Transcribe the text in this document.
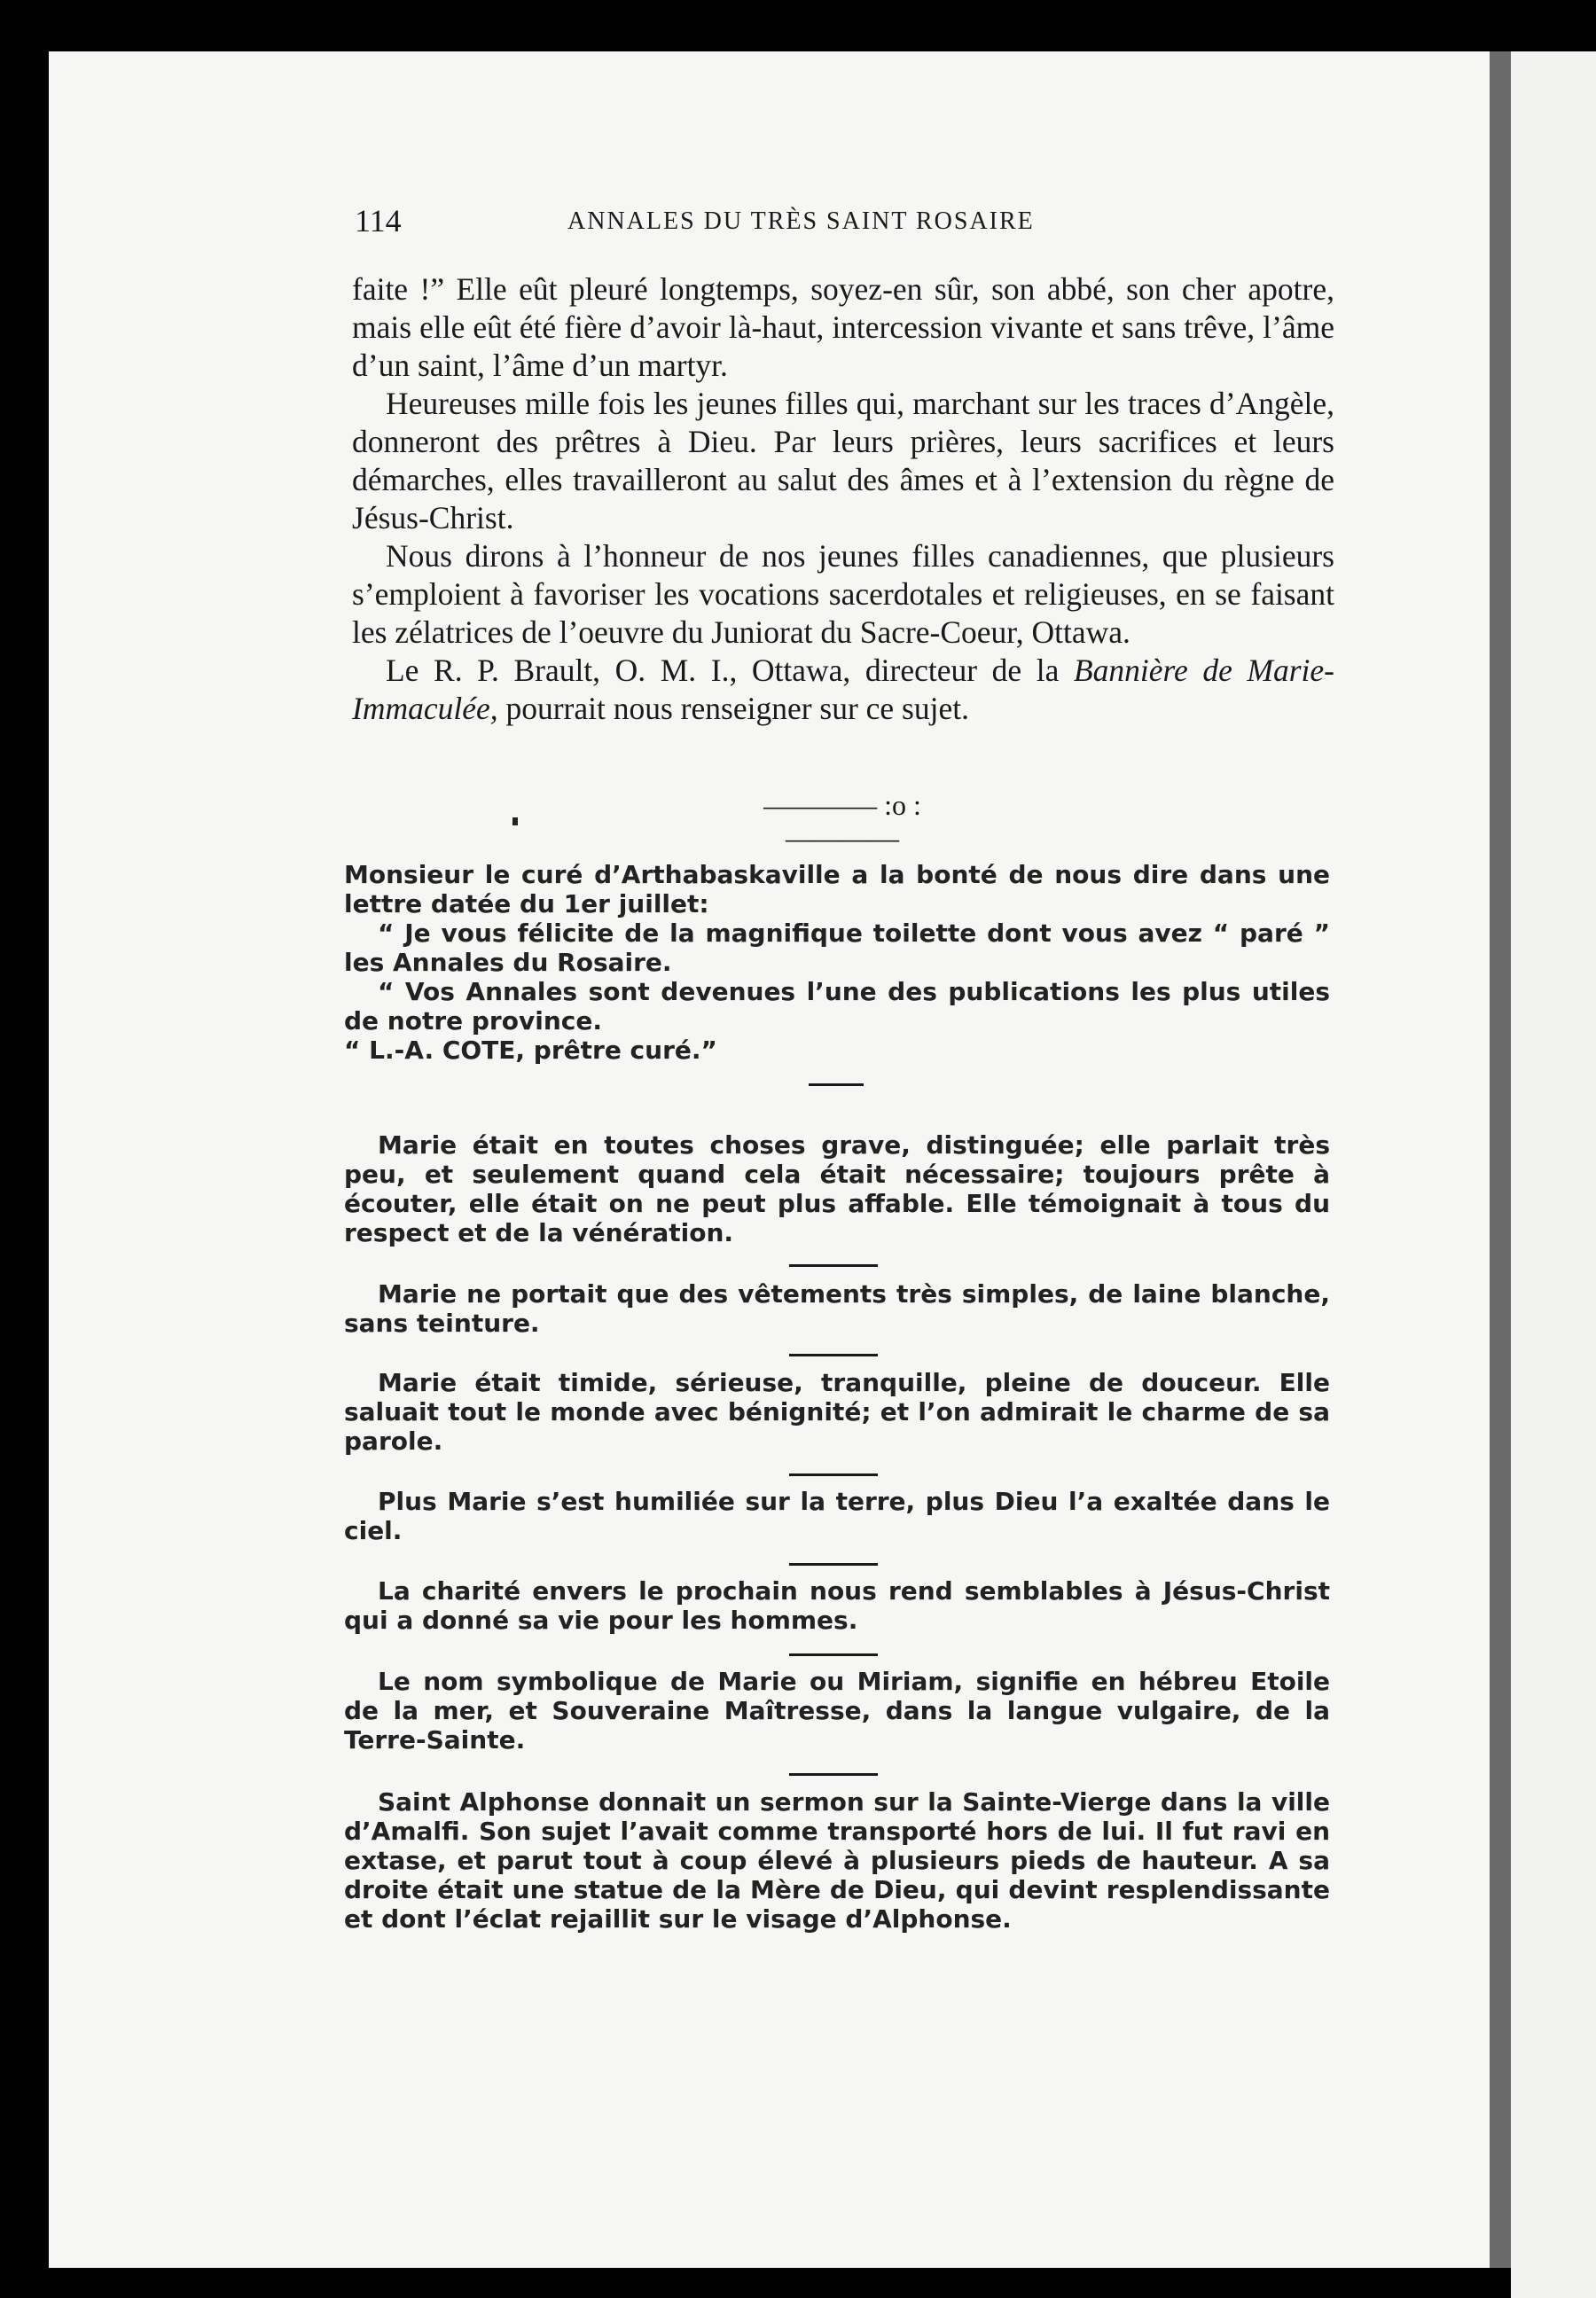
114	ANNALES DU TRÈS SAINT ROSAIRE

faite !” Elle eût pleuré longtemps, soyez-en sûr, son abbé, son cher apotre, mais elle eût été fière d’avoir là-haut, intercession vivante et sans trêve, l’âme d’un saint, l’âme d’un martyr.

Heureuses mille fois les jeunes filles qui, marchant sur les traces d’Angèle, donneront des prêtres à Dieu. Par leurs prières, leurs sacrifices et leurs démarches, elles travailleront au salut des âmes et à l’extension du règne de Jésus-Christ.

Nous dirons à l’honneur de nos jeunes filles canadiennes, que plusieurs s’emploient à favoriser les vocations sacerdotales et religieuses, en se faisant les zélatrices de l’oeuvre du Juniorat du Sacre-Coeur, Ottawa.

Le R. P. Brault, O. M. I., Ottawa, directeur de la Bannière de Marie-Immaculée, pourrait nous renseigner sur ce sujet.

———— :o :————

Monsieur le curé d’Arthabaskaville a la bonté de nous dire dans une lettre datée du 1er juillet:

“ Je vous félicite de la magnifique toilette dont vous avez “ paré ” les Annales du Rosaire.

“ Vos Annales sont devenues l’une des publications les plus utiles de notre province.

“ L.-A. COTE, prêtre curé.”

Marie était en toutes choses grave, distinguée; elle parlait très peu, et seulement quand cela était nécessaire; toujours prête à écouter, elle était on ne peut plus affable. Elle témoignait à tous du respect et de la vénération.

Marie ne portait que des vêtements très simples, de laine blanche, sans teinture.

Marie était timide, sérieuse, tranquille, pleine de douceur. Elle saluait tout le monde avec bénignité; et l’on admirait le charme de sa parole.

Plus Marie s’est humiliée sur la terre, plus Dieu l’a exaltée dans le ciel.

La charité envers le prochain nous rend semblables à Jésus-Christ qui a donné sa vie pour les hommes.

Le nom symbolique de Marie ou Miriam, signifie en hébreu Etoile de la mer, et Souveraine Maîtresse, dans la langue vulgaire, de la Terre-Sainte.

Saint Alphonse donnait un sermon sur la Sainte-Vierge dans la ville d’Amalfi. Son sujet l’avait comme transporté hors de lui. Il fut ravi en extase, et parut tout à coup élevé à plusieurs pieds de hauteur. A sa droite était une statue de la Mère de Dieu, qui devint resplendissante et dont l’éclat rejaillit sur le visage d’Alphonse.
